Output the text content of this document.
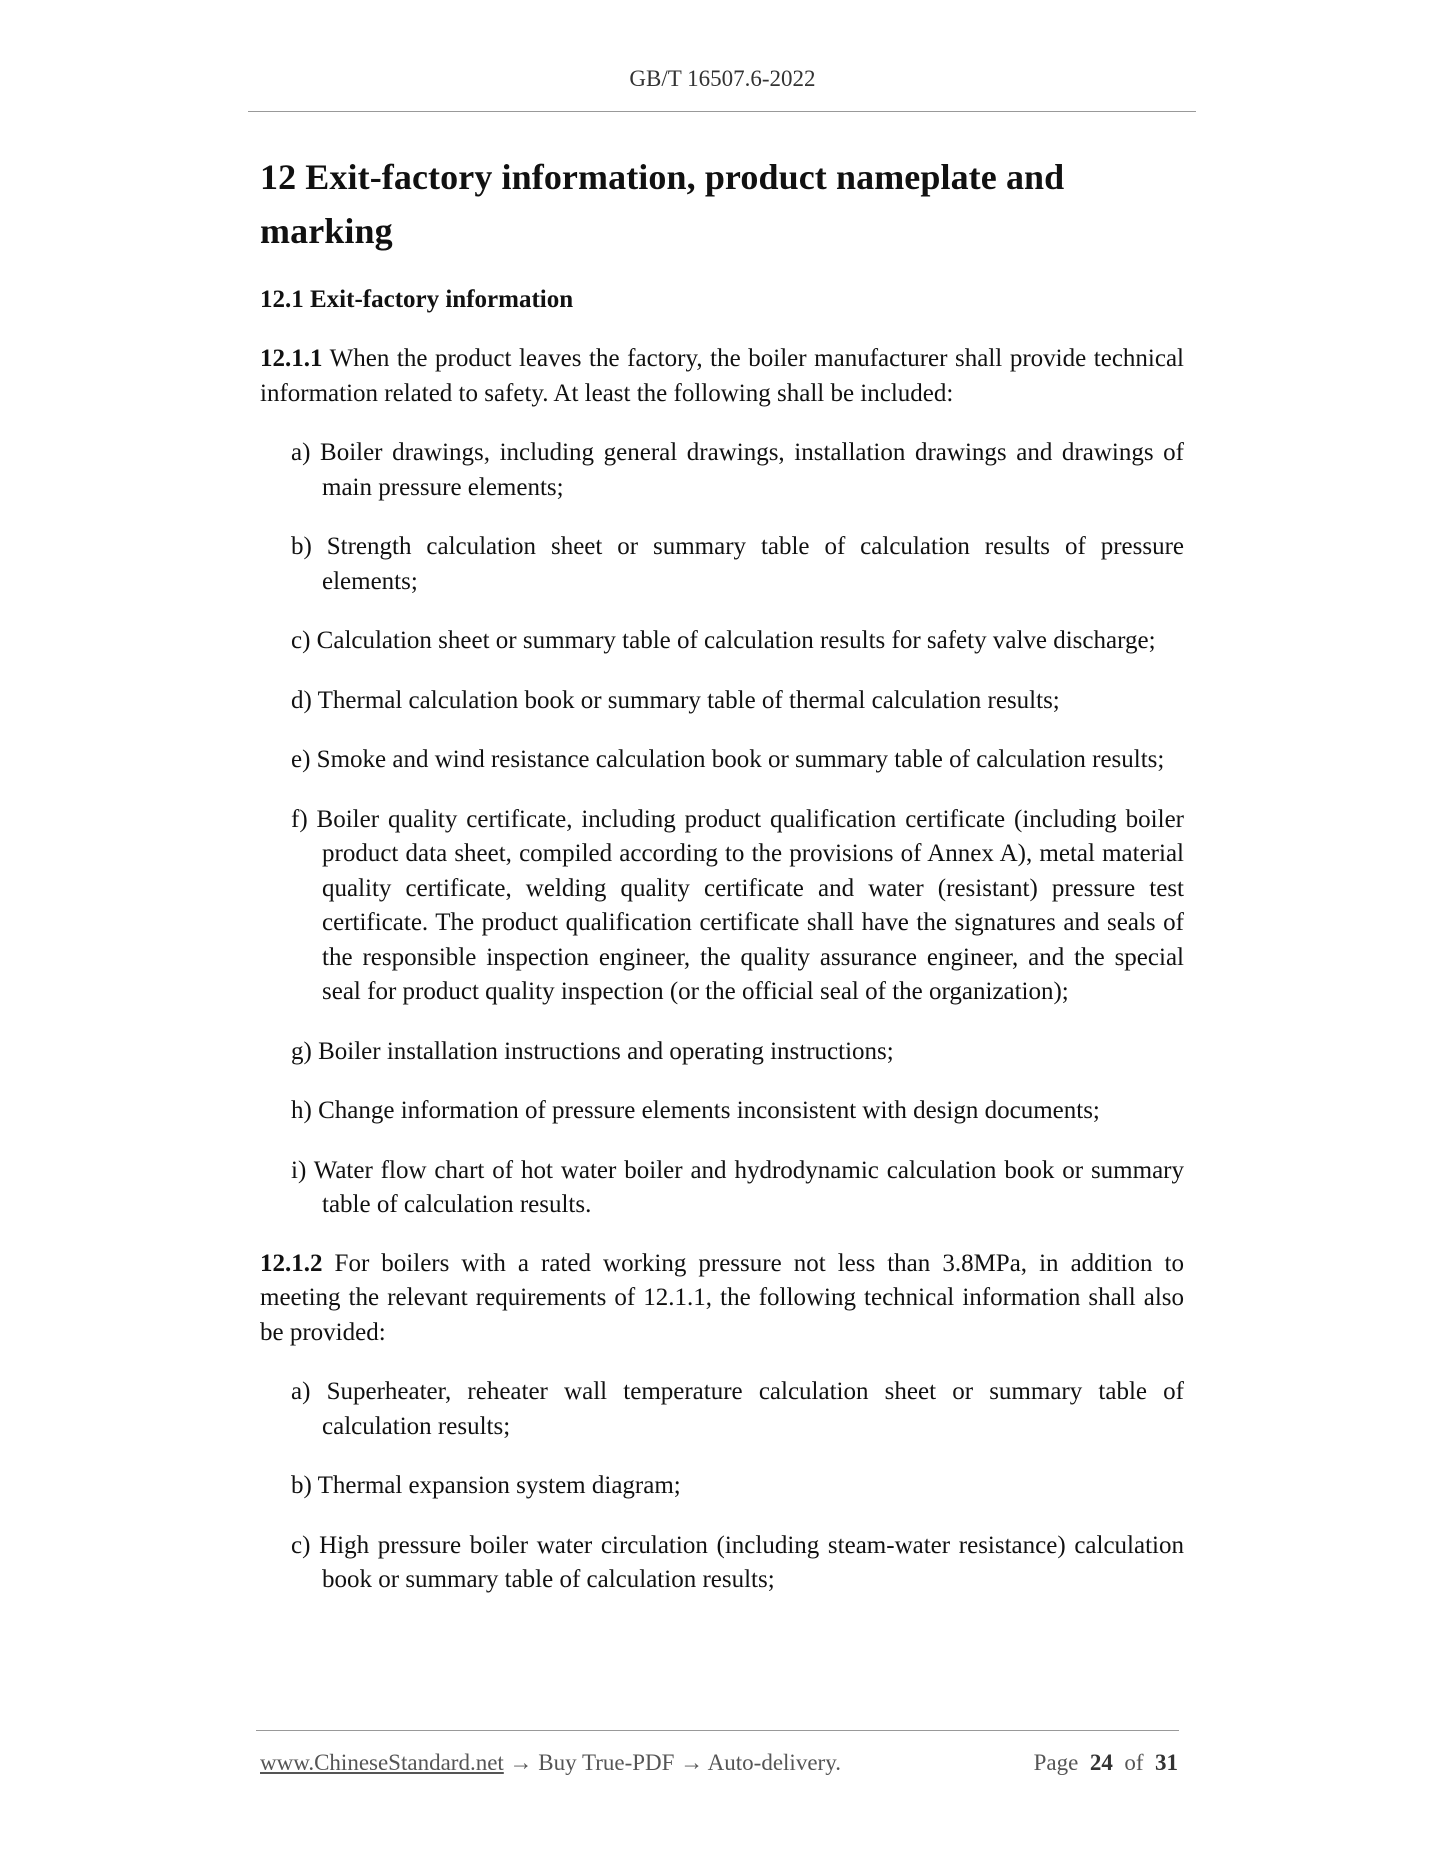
GB/T 16507.6-2022
12 Exit-factory information, product nameplate and marking
12.1 Exit-factory information

12.1.1 When the product leaves the factory, the boiler manufacturer shall provide technical information related to safety. At least the following shall be included:

a) Boiler drawings, including general drawings, installation drawings and drawings of main pressure elements;
b) Strength calculation sheet or summary table of calculation results of pressure elements;
c) Calculation sheet or summary table of calculation results for safety valve discharge;
d) Thermal calculation book or summary table of thermal calculation results;
e) Smoke and wind resistance calculation book or summary table of calculation results;
f) Boiler quality certificate, including product qualification certificate (including boiler product data sheet, compiled according to the provisions of Annex A), metal material quality certificate, welding quality certificate and water (resistant) pressure test certificate. The product qualification certificate shall have the signatures and seals of the responsible inspection engineer, the quality assurance engineer, and the special seal for product quality inspection (or the official seal of the organization);
g) Boiler installation instructions and operating instructions;
h) Change information of pressure elements inconsistent with design documents;
i) Water flow chart of hot water boiler and hydrodynamic calculation book or summary table of calculation results.

12.1.2 For boilers with a rated working pressure not less than 3.8MPa, in addition to meeting the relevant requirements of 12.1.1, the following technical information shall also be provided:

a) Superheater, reheater wall temperature calculation sheet or summary table of calculation results;
b) Thermal expansion system diagram;
c) High pressure boiler water circulation (including steam-water resistance) calculation book or summary table of calculation results;
www.ChineseStandard.net → Buy True-PDF → Auto-delivery.	Page 24 of 31
